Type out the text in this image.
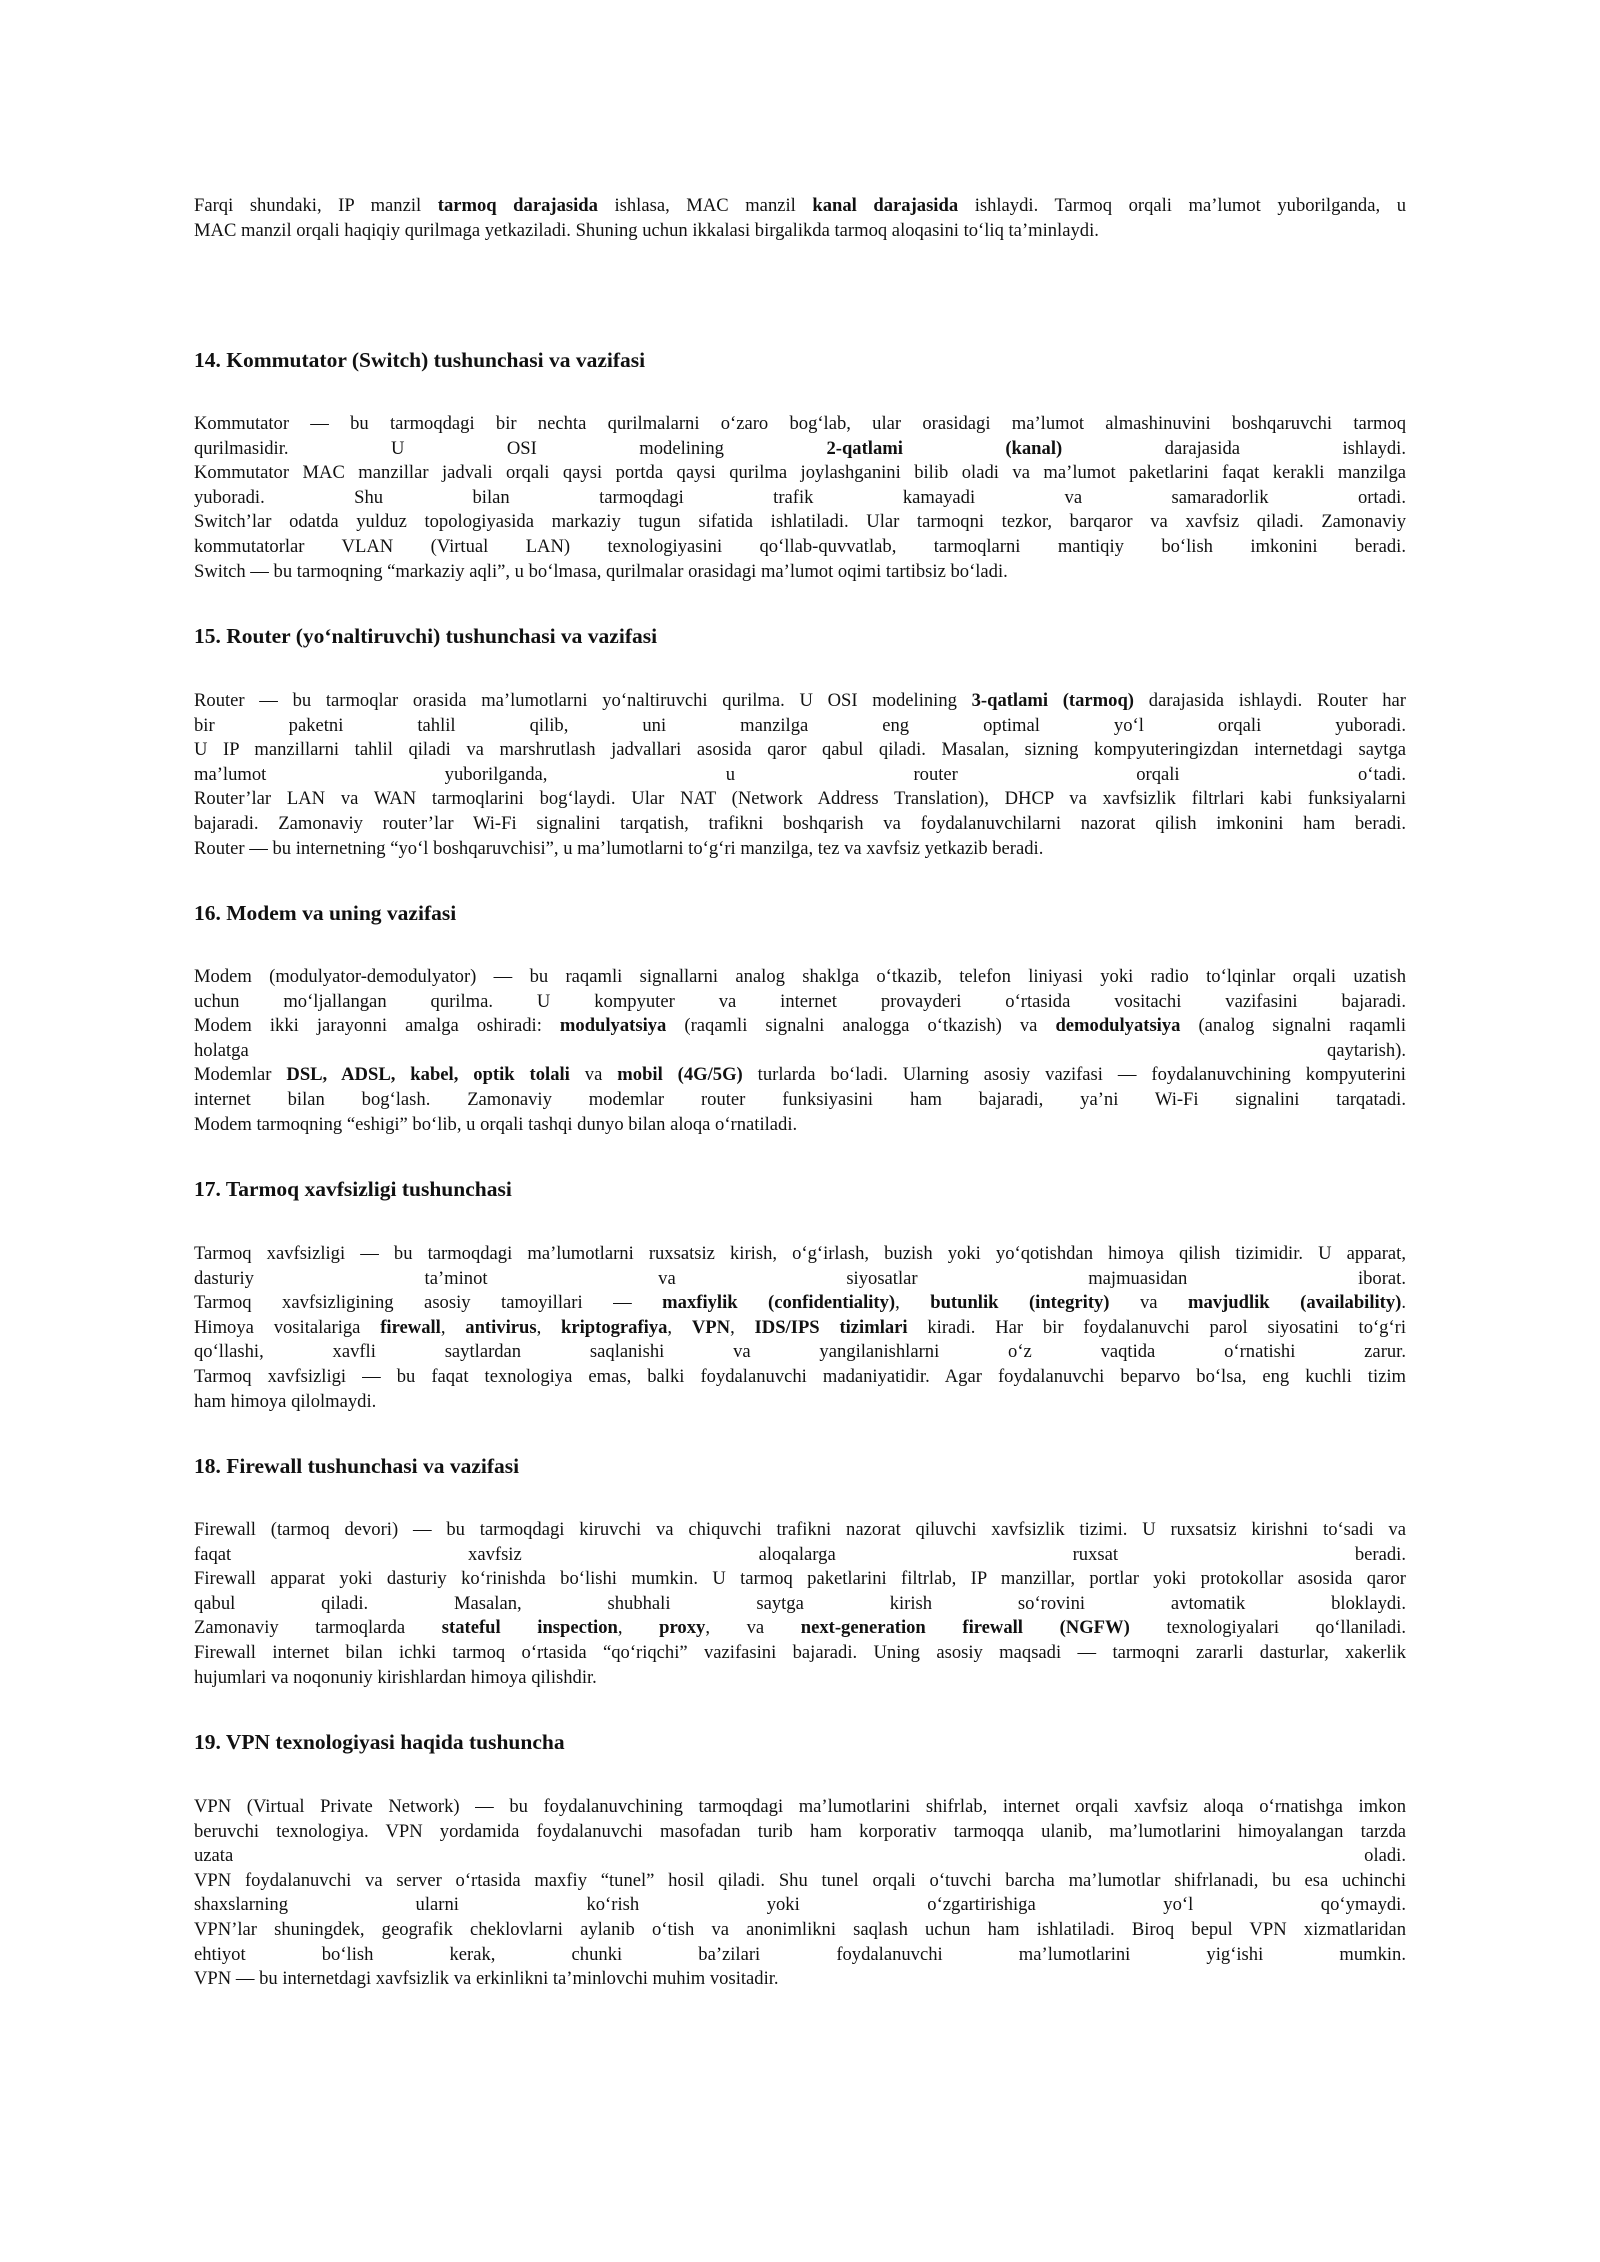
Farqi shundaki, IP manzil tarmoq darajasida ishlasa, MAC manzil kanal darajasida ishlaydi. Tarmoq orqali ma’lumot yuborilganda, u
MAC manzil orqali haqiqiy qurilmaga yetkaziladi. Shuning uchun ikkalasi birgalikda tarmoq aloqasini to‘liq ta’minlaydi.
14. Kommutator (Switch) tushunchasi va vazifasi
Kommutator — bu tarmoqdagi bir nechta qurilmalarni o‘zaro bog‘lab, ular orasidagi ma’lumot almashinuvini boshqaruvchi tarmoq
qurilmasidir. U OSI modelining 2-qatlami (kanal) darajasida ishlaydi.
Kommutator MAC manzillar jadvali orqali qaysi portda qaysi qurilma joylashganini bilib oladi va ma’lumot paketlarini faqat kerakli manzilga
yuboradi. Shu bilan tarmoqdagi trafik kamayadi va samaradorlik ortadi.
Switch’lar odatda yulduz topologiyasida markaziy tugun sifatida ishlatiladi. Ular tarmoqni tezkor, barqaror va xavfsiz qiladi. Zamonaviy
kommutatorlar VLAN (Virtual LAN) texnologiyasini qo‘llab-quvvatlab, tarmoqlarni mantiqiy bo‘lish imkonini beradi.
Switch — bu tarmoqning “markaziy aqli”, u bo‘lmasa, qurilmalar orasidagi ma’lumot oqimi tartibsiz bo‘ladi.
15. Router (yo‘naltiruvchi) tushunchasi va vazifasi
Router — bu tarmoqlar orasida ma’lumotlarni yo‘naltiruvchi qurilma. U OSI modelining 3-qatlami (tarmoq) darajasida ishlaydi. Router har
bir paketni tahlil qilib, uni manzilga eng optimal yo‘l orqali yuboradi.
U IP manzillarni tahlil qiladi va marshrutlash jadvallari asosida qaror qabul qiladi. Masalan, sizning kompyuteringizdan internetdagi saytga
ma’lumot yuborilganda, u router orqali o‘tadi.
Router’lar LAN va WAN tarmoqlarini bog‘laydi. Ular NAT (Network Address Translation), DHCP va xavfsizlik filtrlari kabi funksiyalarni
bajaradi. Zamonaviy router’lar Wi-Fi signalini tarqatish, trafikni boshqarish va foydalanuvchilarni nazorat qilish imkonini ham beradi.
Router — bu internetning “yo‘l boshqaruvchisi”, u ma’lumotlarni to‘g‘ri manzilga, tez va xavfsiz yetkazib beradi.
16. Modem va uning vazifasi
Modem (modulyator-demodulyator) — bu raqamli signallarni analog shaklga o‘tkazib, telefon liniyasi yoki radio to‘lqinlar orqali uzatish
uchun mo‘ljallangan qurilma. U kompyuter va internet provayderi o‘rtasida vositachi vazifasini bajaradi.
Modem ikki jarayonni amalga oshiradi: modulyatsiya (raqamli signalni analogga o‘tkazish) va demodulyatsiya (analog signalni raqamli
holatga qaytarish).
Modemlar DSL, ADSL, kabel, optik tolali va mobil (4G/5G) turlarda bo‘ladi. Ularning asosiy vazifasi — foydalanuvchining kompyuterini
internet bilan bog‘lash. Zamonaviy modemlar router funksiyasini ham bajaradi, ya’ni Wi-Fi signalini tarqatadi.
Modem tarmoqning “eshigi” bo‘lib, u orqali tashqi dunyo bilan aloqa o‘rnatiladi.
17. Tarmoq xavfsizligi tushunchasi
Tarmoq xavfsizligi — bu tarmoqdagi ma’lumotlarni ruxsatsiz kirish, o‘g‘irlash, buzish yoki yo‘qotishdan himoya qilish tizimidir. U apparat,
dasturiy ta’minot va siyosatlar majmuasidan iborat.
Tarmoq xavfsizligining asosiy tamoyillari — maxfiylik (confidentiality), butunlik (integrity) va mavjudlik (availability).
Himoya vositalariga firewall, antivirus, kriptografiya, VPN, IDS/IPS tizimlari kiradi. Har bir foydalanuvchi parol siyosatini to‘g‘ri
qo‘llashi, xavfli saytlardan saqlanishi va yangilanishlarni o‘z vaqtida o‘rnatishi zarur.
Tarmoq xavfsizligi — bu faqat texnologiya emas, balki foydalanuvchi madaniyatidir. Agar foydalanuvchi beparvo bo‘lsa, eng kuchli tizim
ham himoya qilolmaydi.
18. Firewall tushunchasi va vazifasi
Firewall (tarmoq devori) — bu tarmoqdagi kiruvchi va chiquvchi trafikni nazorat qiluvchi xavfsizlik tizimi. U ruxsatsiz kirishni to‘sadi va
faqat xavfsiz aloqalarga ruxsat beradi.
Firewall apparat yoki dasturiy ko‘rinishda bo‘lishi mumkin. U tarmoq paketlarini filtrlab, IP manzillar, portlar yoki protokollar asosida qaror
qabul qiladi. Masalan, shubhali saytga kirish so‘rovini avtomatik bloklaydi.
Zamonaviy tarmoqlarda stateful inspection, proxy, va next-generation firewall (NGFW) texnologiyalari qo‘llaniladi.
Firewall internet bilan ichki tarmoq o‘rtasida “qo‘riqchi” vazifasini bajaradi. Uning asosiy maqsadi — tarmoqni zararli dasturlar, xakerlik
hujumlari va noqonuniy kirishlardan himoya qilishdir.
19. VPN texnologiyasi haqida tushuncha
VPN (Virtual Private Network) — bu foydalanuvchining tarmoqdagi ma’lumotlarini shifrlab, internet orqali xavfsiz aloqa o‘rnatishga imkon
beruvchi texnologiya. VPN yordamida foydalanuvchi masofadan turib ham korporativ tarmoqqa ulanib, ma’lumotlarini himoyalangan tarzda
uzata oladi.
VPN foydalanuvchi va server o‘rtasida maxfiy “tunel” hosil qiladi. Shu tunel orqali o‘tuvchi barcha ma’lumotlar shifrlanadi, bu esa uchinchi
shaxslarning ularni ko‘rish yoki o‘zgartirishiga yo‘l qo‘ymaydi.
VPN’lar shuningdek, geografik cheklovlarni aylanib o‘tish va anonimlikni saqlash uchun ham ishlatiladi. Biroq bepul VPN xizmatlaridan
ehtiyot bo‘lish kerak, chunki ba’zilari foydalanuvchi ma’lumotlarini yig‘ishi mumkin.
VPN — bu internetdagi xavfsizlik va erkinlikni ta’minlovchi muhim vositadir.
